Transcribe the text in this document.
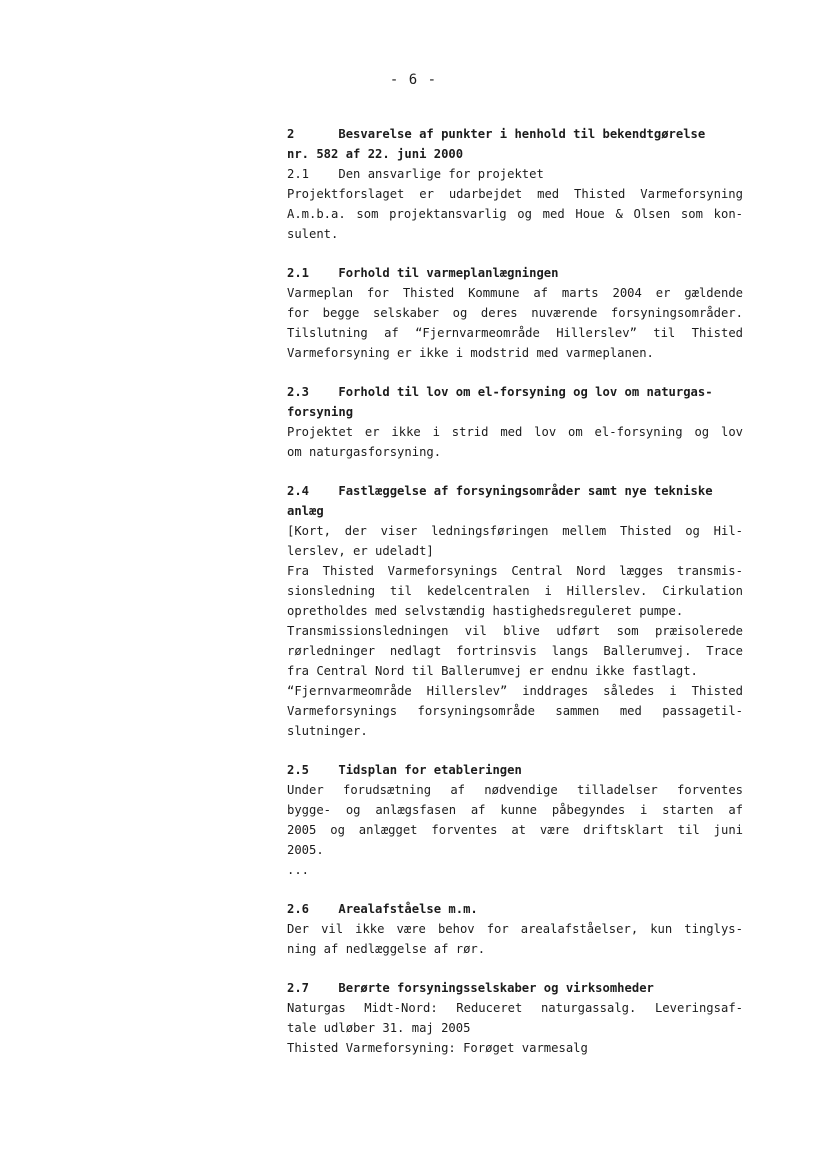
- 6 -
2      Besvarelse af punkter i henhold til bekendtgørelse
nr. 582 af 22. juni 2000
2.1    Den ansvarlige for projektet
Projektforslaget er udarbejdet med Thisted Varmeforsyning
A.m.b.a. som projektansvarlig og med Houe & Olsen som kon-
sulent.
2.1    Forhold til varmeplanlægningen
Varmeplan for Thisted Kommune af marts 2004 er gældende
for begge selskaber og deres nuværende forsyningsområder.
Tilslutning af “Fjernvarmeområde Hillerslev” til Thisted
Varmeforsyning er ikke i modstrid med varmeplanen.
2.3    Forhold til lov om el-forsyning og lov om naturgas-
forsyning
Projektet er ikke i strid med lov om el-forsyning og lov
om naturgasforsyning.
2.4    Fastlæggelse af forsyningsområder samt nye tekniske
anlæg
[Kort, der viser ledningsføringen mellem Thisted og Hil-
lerslev, er udeladt]
Fra Thisted Varmeforsynings Central Nord lægges transmis-
sionsledning til kedelcentralen i Hillerslev. Cirkulation
opretholdes med selvstændig hastighedsreguleret pumpe.
Transmissionsledningen vil blive udført som præisolerede
rørledninger nedlagt fortrinsvis langs Ballerumvej. Trace
fra Central Nord til Ballerumvej er endnu ikke fastlagt.
“Fjernvarmeområde Hillerslev” inddrages således i Thisted
Varmeforsynings forsyningsområde sammen med passagetil-
slutninger.
2.5    Tidsplan for etableringen
Under forudsætning af nødvendige tilladelser forventes
bygge- og anlægsfasen af kunne påbegyndes i starten af
2005 og anlægget forventes at være driftsklart til juni
2005.
...
2.6    Arealafståelse m.m.
Der vil ikke være behov for arealafståelser, kun tinglys-
ning af nedlæggelse af rør.
2.7    Berørte forsyningsselskaber og virksomheder
Naturgas Midt-Nord: Reduceret naturgassalg. Leveringsaf-
tale udløber 31. maj 2005
Thisted Varmeforsyning: Forøget varmesalg
